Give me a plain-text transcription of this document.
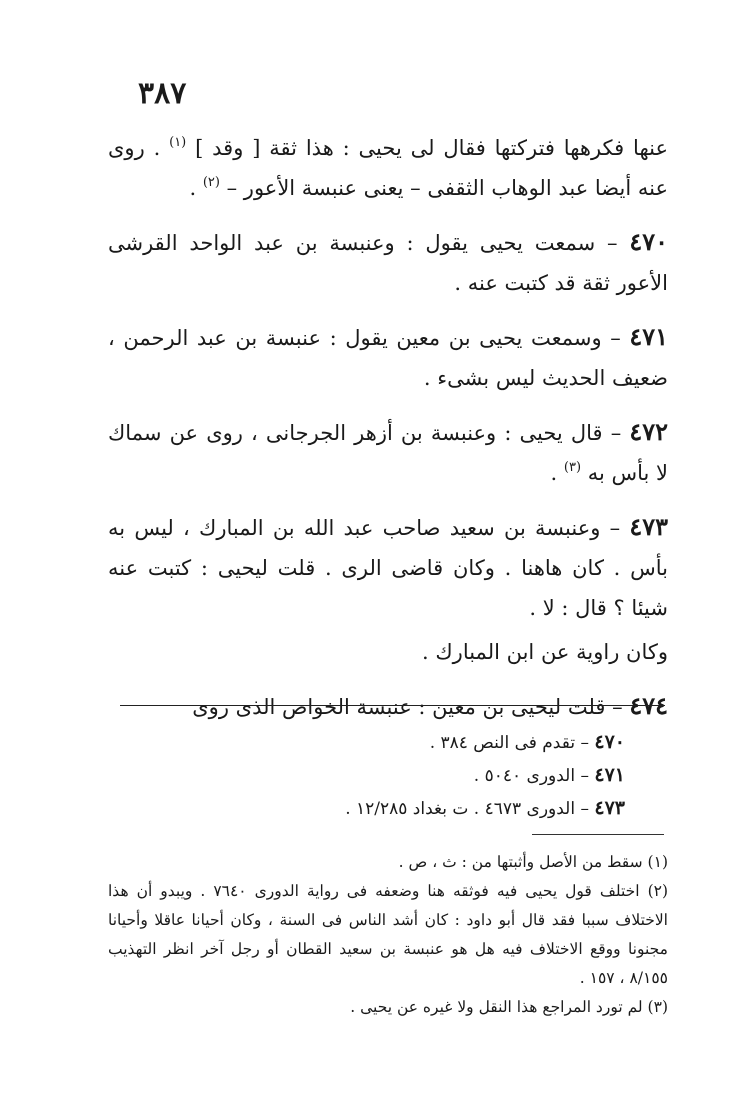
٣٨٧

عنها فكرهها فتركتها فقال لى يحيى : هذا ثقة [ وقد ] $^{(١)}$ . روى عنه أيضا عبد الوهاب الثقفى – يعنى عنبسة الأعور – $^{(٢)}$ .

٤٧٠ – سمعت يحيى يقول : وعنبسة بن عبد الواحد القرشى الأعور ثقة قد كتبت عنه .

٤٧١ – وسمعت يحيى بن معين يقول : عنبسة بن عبد الرحمن ، ضعيف الحديث ليس بشىء .

٤٧٢ – قال يحيى : وعنبسة بن أزهر الجرجانى ، روى عن سماك لا بأس به $^{(٣)}$ .

٤٧٣ – وعنبسة بن سعيد صاحب عبد الله بن المبارك ، ليس به بأس . كان هاهنا . وكان قاضى الرى . قلت ليحيى : كتبت عنه شيئا ؟ قال : لا .

وكان راوية عن ابن المبارك .

٤٧٤ – قلت ليحيى بن معين : عنبسة الخواص الذى روى

٤٧٠ – تقدم فى النص ٣٨٤ .
٤٧١ – الدورى ٥٠٤٠ .
٤٧٣ – الدورى ٤٦٧٣ . ت بغداد ١٢/٢٨٥ .

(١) سقط من الأصل وأثبتها من : ث ، ص .

(٢) اختلف قول يحيى فيه فوثقه هنا وضعفه فى رواية الدورى ٧٦٤٠ . ويبدو أن هذا الاختلاف سببا فقد قال أبو داود : كان أشد الناس فى السنة ، وكان أحيانا عاقلا وأحيانا مجنونا ووقع الاختلاف فيه هل هو عنبسة بن سعيد القطان أو رجل آخر انظر التهذيب ٨/١٥٥ ، ١٥٧ .

(٣) لم تورد المراجع هذا النقل ولا غيره عن يحيى .
